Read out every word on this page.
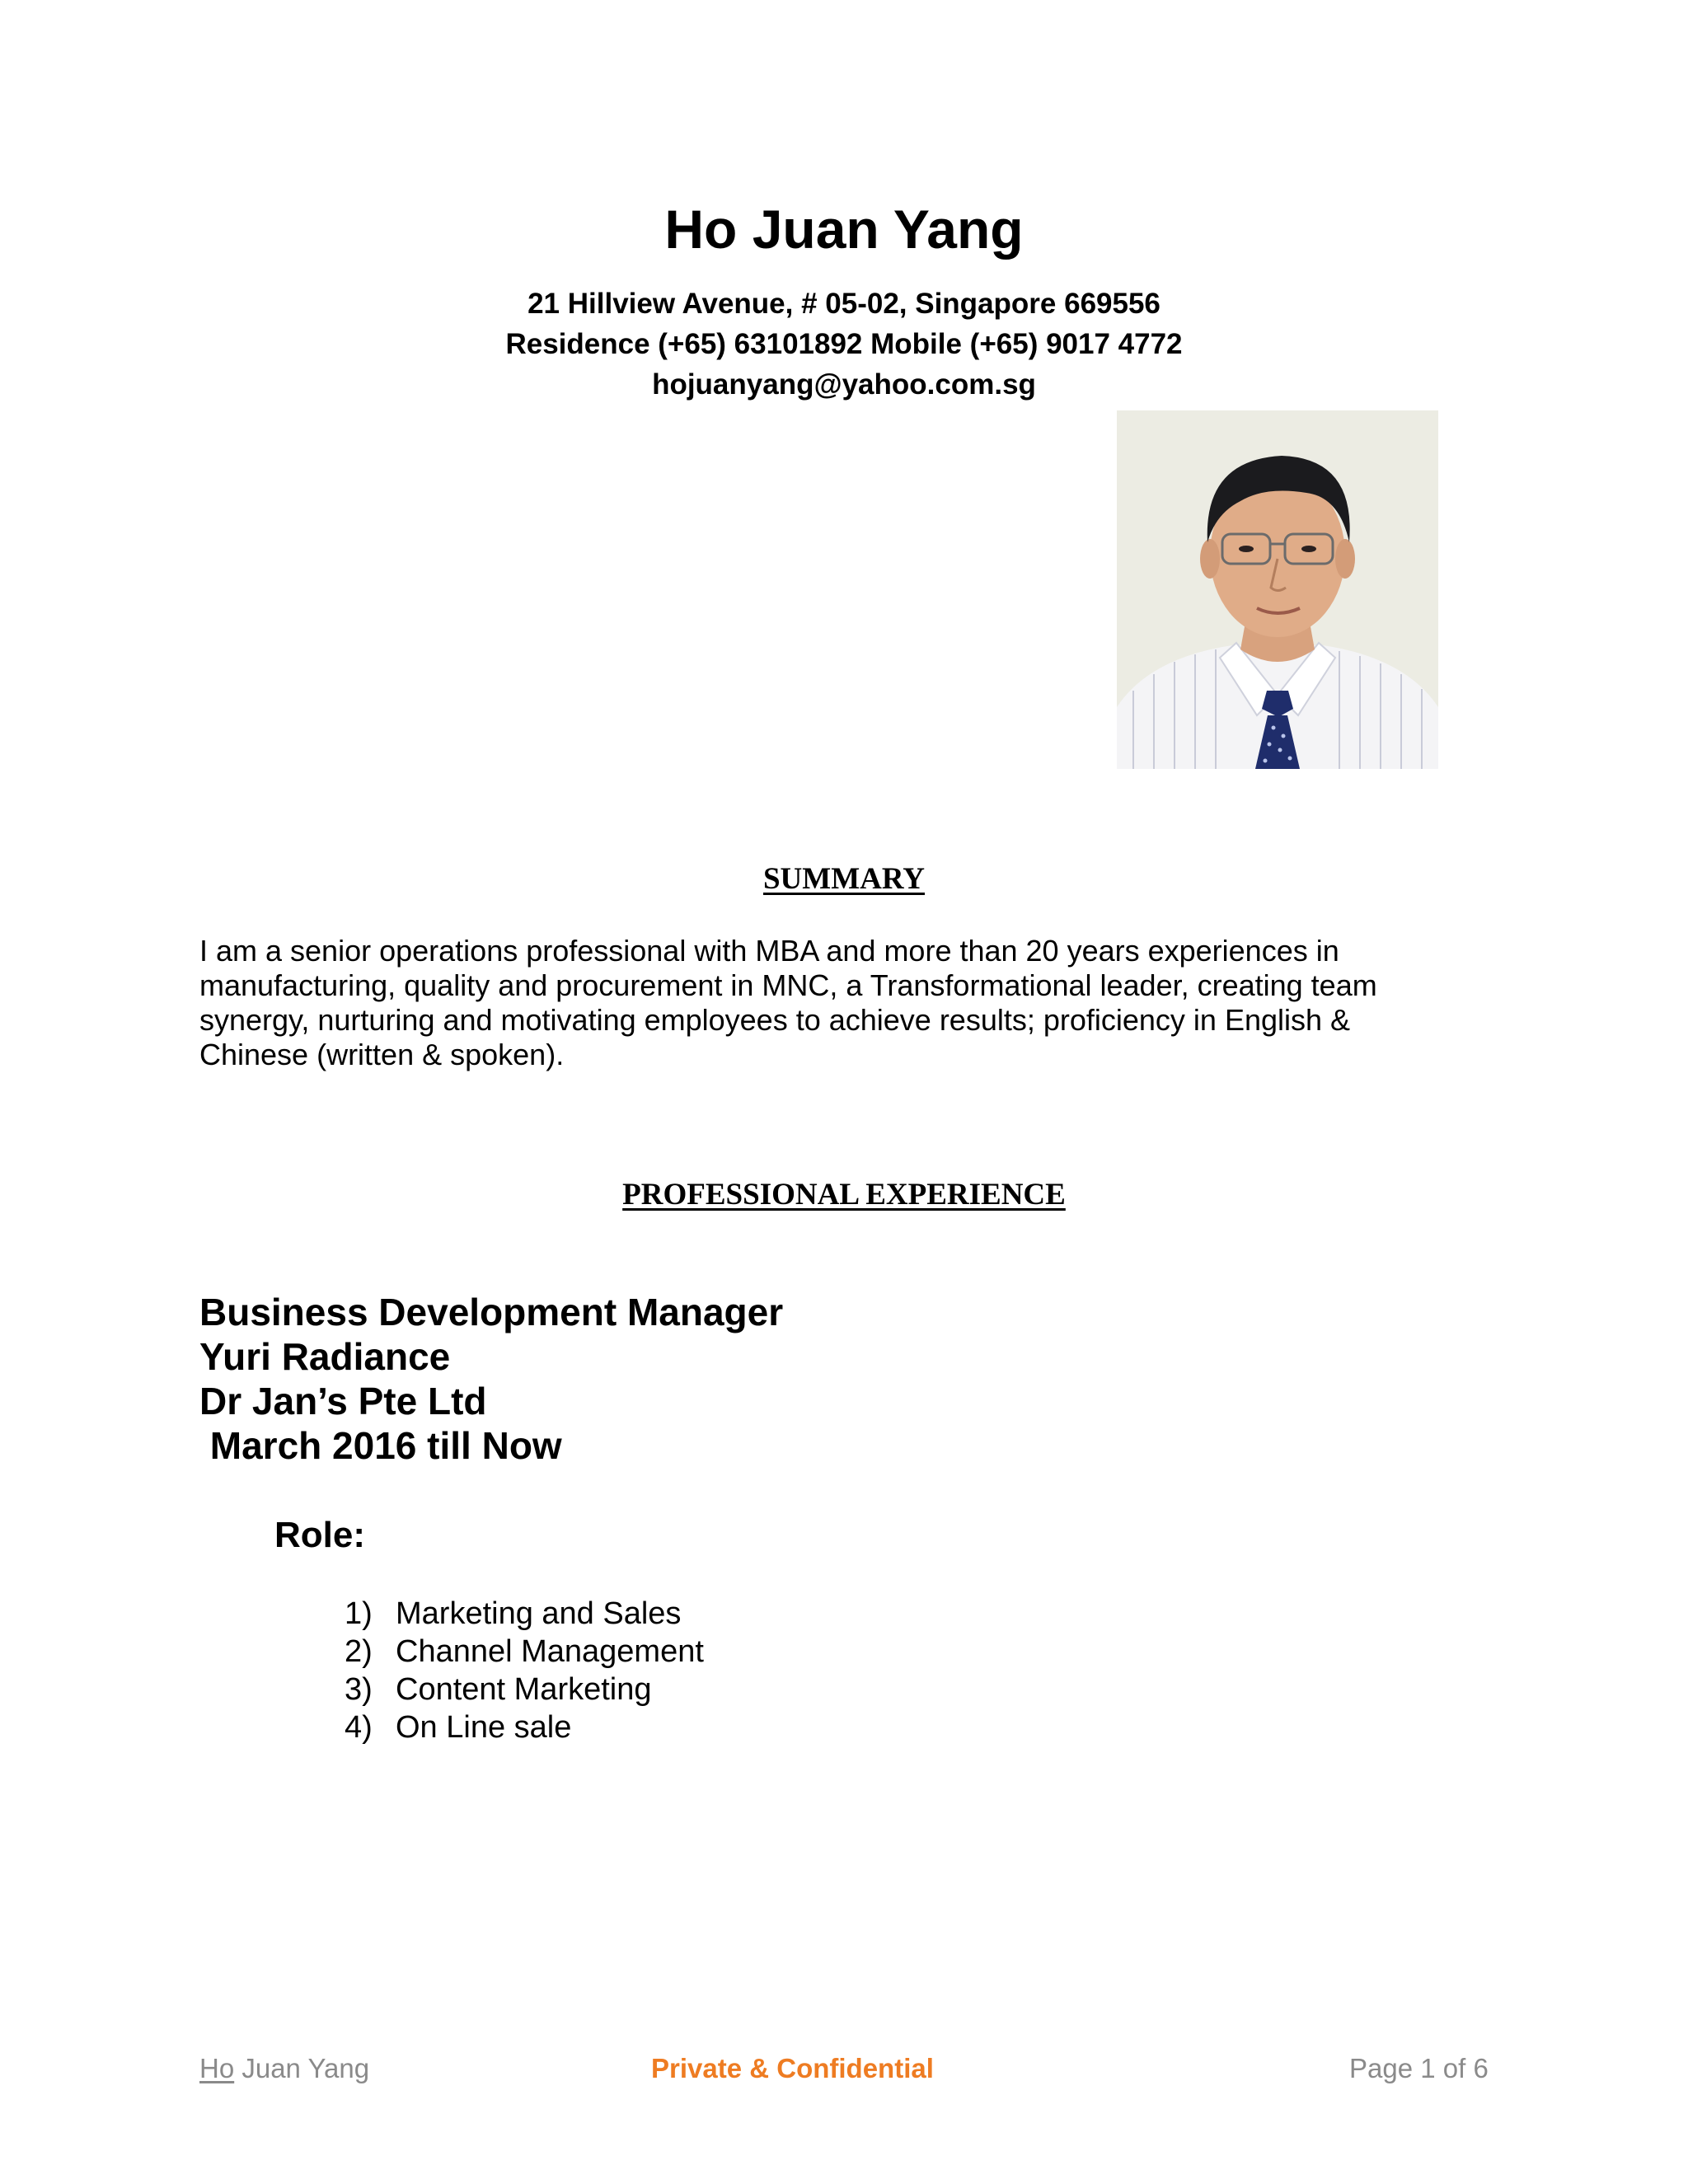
Ho Juan Yang
21 Hillview Avenue, # 05-02, Singapore 669556
Residence (+65) 63101892 Mobile (+65) 9017 4772
hojuanyang@yahoo.com.sg
SUMMARY
I am a senior operations professional with MBA and more than 20 years experiences in
manufacturing, quality and procurement in MNC, a Transformational leader, creating team
synergy, nurturing and motivating employees to achieve results; proficiency in English &
Chinese (written & spoken).
PROFESSIONAL EXPERIENCE
Business Development Manager
Yuri Radiance
Dr Jan’s Pte Ltd
March 2016 till Now
Role:
1) Marketing and Sales
2) Channel Management
3) Content Marketing
4) On Line sale
Ho Juan Yang	Private & Confidential	Page 1 of 6
